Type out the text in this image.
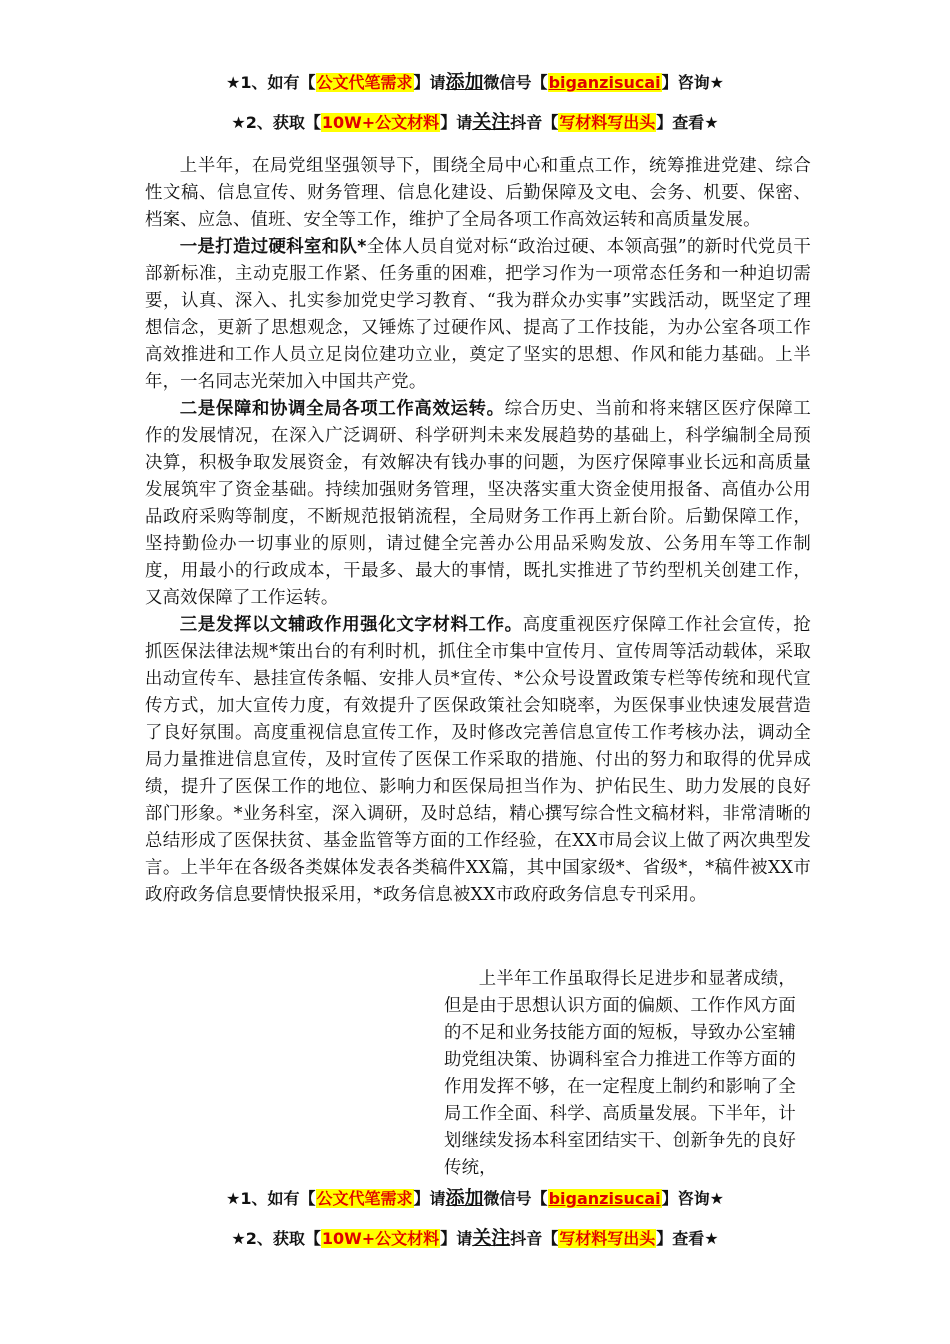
★1、如有【公文代笔需求】请添加微信号【biganzisucai】咨询★
★2、获取【10W+公文材料】请关注抖音【写材料写出头】查看★

上半年，在局党组坚强领导下，围绕全局中心和重点工作，统筹推进党建、综合性文稿、信息宣传、财务管理、信息化建设、后勤保障及文电、会务、机要、保密、档案、应急、值班、安全等工作，维护了全局各项工作高效运转和高质量发展。

一是打造过硬科室和队*全体人员自觉对标“政治过硬、本领高强”的新时代党员干部新标准，主动克服工作紧、任务重的困难，把学习作为一项常态任务和一种迫切需要，认真、深入、扎实参加党史学习教育、“我为群众办实事”实践活动，既坚定了理想信念，更新了思想观念，又锤炼了过硬作风、提高了工作技能，为办公室各项工作高效推进和工作人员立足岗位建功立业，奠定了坚实的思想、作风和能力基础。上半年，一名同志光荣加入中国共产党。

二是保障和协调全局各项工作高效运转。综合历史、当前和将来辖区医疗保障工作的发展情况，在深入广泛调研、科学研判未来发展趋势的基础上，科学编制全局预决算，积极争取发展资金，有效解决有钱办事的问题，为医疗保障事业长远和高质量发展筑牢了资金基础。持续加强财务管理，坚决落实重大资金使用报备、高值办公用品政府采购等制度，不断规范报销流程，全局财务工作再上新台阶。后勤保障工作，坚持勤俭办一切事业的原则，请过健全完善办公用品采购发放、公务用车等工作制度，用最小的行政成本，干最多、最大的事情，既扎实推进了节约型机关创建工作，又高效保障了工作运转。

三是发挥以文辅政作用强化文字材料工作。高度重视医疗保障工作社会宣传，抢抓医保法律法规*策出台的有利时机，抓住全市集中宣传月、宣传周等活动载体，采取出动宣传车、悬挂宣传条幅、安排人员*宣传、*公众号设置政策专栏等传统和现代宣传方式，加大宣传力度，有效提升了医保政策社会知晓率，为医保事业快速发展营造了良好氛围。高度重视信息宣传工作，及时修改完善信息宣传工作考核办法，调动全局力量推进信息宣传，及时宣传了医保工作采取的措施、付出的努力和取得的优异成绩，提升了医保工作的地位、影响力和医保局担当作为、护佑民生、助力发展的良好部门形象。*业务科室，深入调研，及时总结，精心撰写综合性文稿材料，非常清晰的总结形成了医保扶贫、基金监管等方面的工作经验，在XX市局会议上做了两次典型发言。上半年在各级各类媒体发表各类稿件XX篇，其中国家级*、省级*，*稿件被XX市政府政务信息要情快报采用，*政务信息被XX市政府政务信息专刊采用。

上半年工作虽取得长足进步和显著成绩，但是由于思想认识方面的偏颇、工作作风方面的不足和业务技能方面的短板，导致办公室辅助党组决策、协调科室合力推进工作等方面的作用发挥不够，在一定程度上制约和影响了全局工作全面、科学、高质量发展。下半年，计划继续发扬本科室团结实干、创新争先的良好传统，

★1、如有【公文代笔需求】请添加微信号【biganzisucai】咨询★
★2、获取【10W+公文材料】请关注抖音【写材料写出头】查看★
